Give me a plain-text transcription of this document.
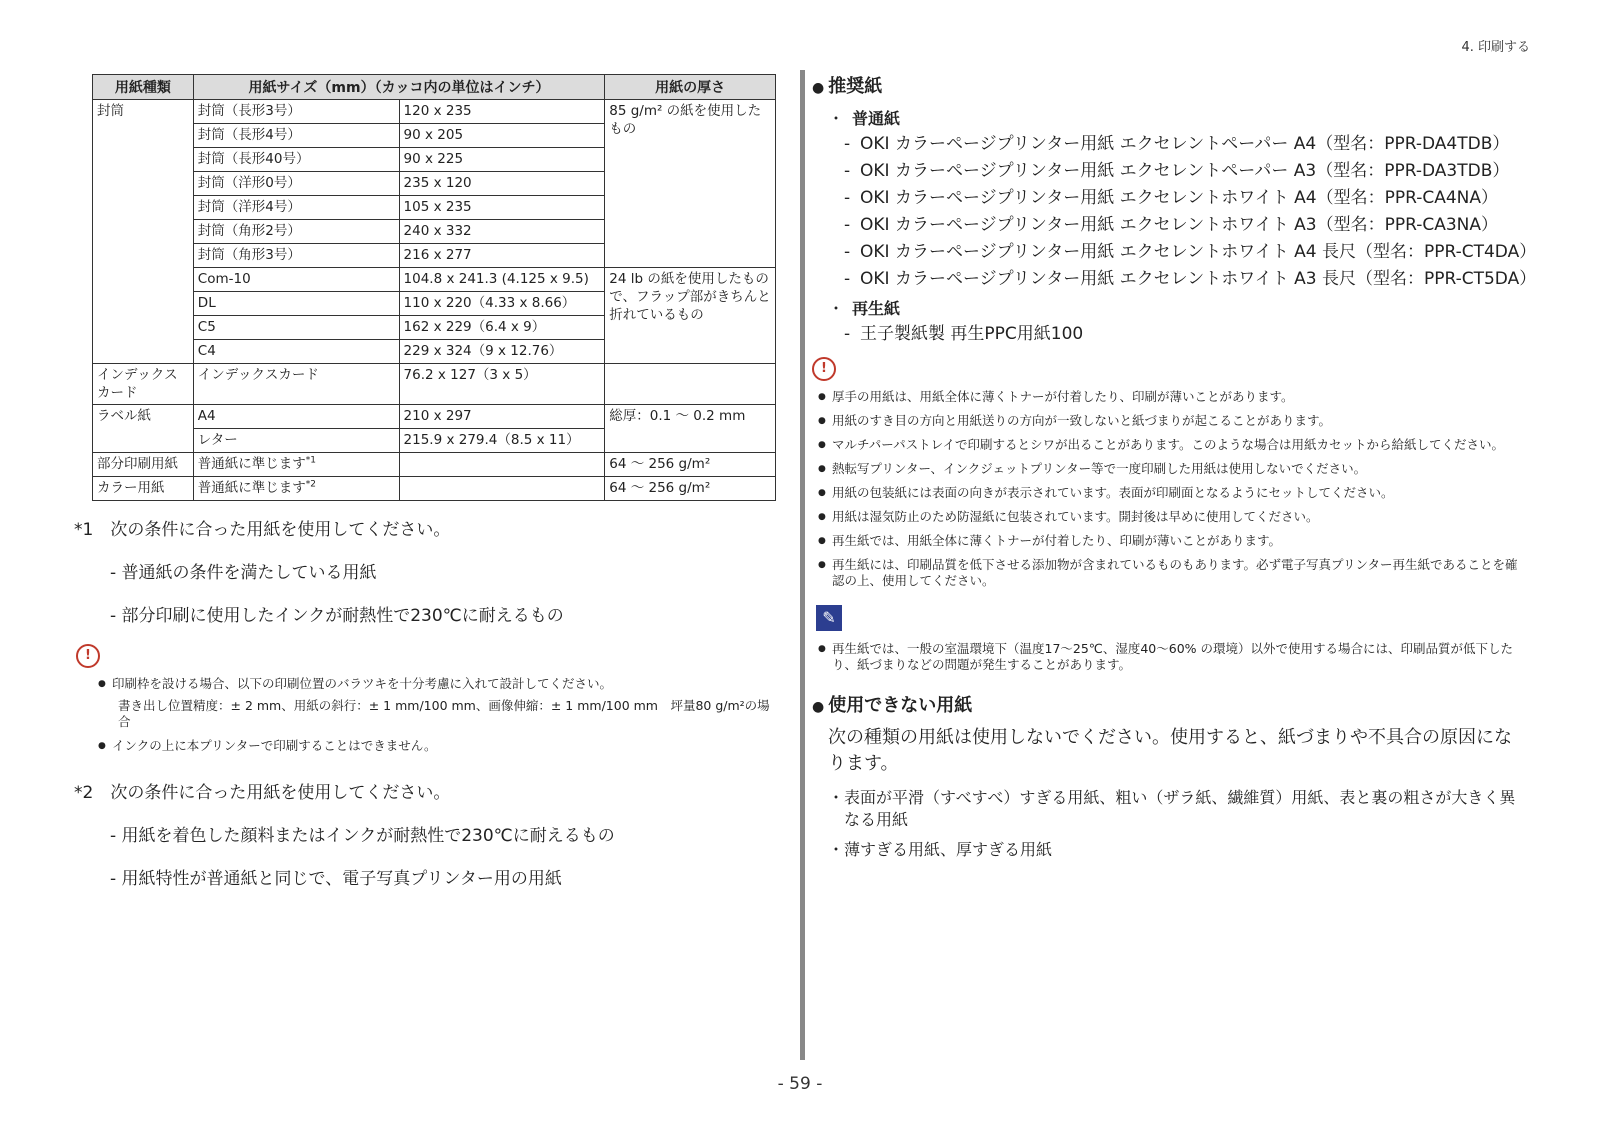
4. 印刷する
用紙種類	用紙サイズ（mm）（カッコ内の単位はインチ）		用紙の厚さ
封筒	封筒（長形3号）	120 x 235	85 g/m² の紙を使用したもの
	封筒（長形4号）	90 x 205	
	封筒（長形40号）	90 x 225	
	封筒（洋形0号）	235 x 120	
	封筒（洋形4号）	105 x 235	
	封筒（角形2号）	240 x 332	
	封筒（角形3号）	216 x 277	
	Com-10	104.8 x 241.3 (4.125 x 9.5)	24 lb の紙を使用したもので、フラップ部がきちんと折れているもの
	DL	110 x 220（4.33 x 8.66）	
	C5	162 x 229（6.4 x 9）	
	C4	229 x 324（9 x 12.76）	
インデックスカード	インデックスカード	76.2 x 127（3 x 5）	
ラベル紙	A4	210 x 297	総厚：0.1 ～ 0.2 mm
	レター	215.9 x 279.4（8.5 x 11）	
部分印刷用紙	普通紙に準じます$^{*1}$		64 ～ 256 g/m²
カラー用紙	普通紙に準じます$^{*2}$		64 ～ 256 g/m²
*1　 次の条件に合った用紙を使用してください。
- 普通紙の条件を満たしている用紙
- 部分印刷に使用したインクが耐熱性で230℃に耐えるもの
!
● 印刷枠を設ける場合、以下の印刷位置のバラツキを十分考慮に入れて設計してください。
書き出し位置精度：± 2 mm、用紙の斜行：± 1 mm/100 mm、画像伸縮：± 1 mm/100 mm　坪量80 g/m²の場合
● インクの上に本プリンターで印刷することはできません。
*2　 次の条件に合った用紙を使用してください。
- 用紙を着色した顔料またはインクが耐熱性で230℃に耐えるもの
- 用紙特性が普通紙と同じで、電子写真プリンター用の用紙
● 推奨紙
・ 普通紙
- OKI カラーページプリンター用紙 エクセレントペーパー A4（型名：PPR-DA4TDB）
- OKI カラーページプリンター用紙 エクセレントペーパー A3（型名：PPR-DA3TDB）
- OKI カラーページプリンター用紙 エクセレントホワイト A4（型名：PPR-CA4NA）
- OKI カラーページプリンター用紙 エクセレントホワイト A3（型名：PPR-CA3NA）
- OKI カラーページプリンター用紙 エクセレントホワイト A4 長尺（型名：PPR-CT4DA）
- OKI カラーページプリンター用紙 エクセレントホワイト A3 長尺（型名：PPR-CT5DA）
・ 再生紙
- 王子製紙製 再生PPC用紙100
!
● 厚手の用紙は、用紙全体に薄くトナーが付着したり、印刷が薄いことがあります。
● 用紙のすき目の方向と用紙送りの方向が一致しないと紙づまりが起こることがあります。
● マルチパーパストレイで印刷するとシワが出ることがあります。このような場合は用紙カセットから給紙してください。
● 熱転写プリンター、インクジェットプリンター等で一度印刷した用紙は使用しないでください。
● 用紙の包装紙には表面の向きが表示されています。表面が印刷面となるようにセットしてください。
● 用紙は湿気防止のため防湿紙に包装されています。開封後は早めに使用してください。
● 再生紙では、用紙全体に薄くトナーが付着したり、印刷が薄いことがあります。
● 再生紙には、印刷品質を低下させる添加物が含まれているものもあります。必ず電子写真プリンター再生紙であることを確認の上、使用してください。
✎
● 再生紙では、一般の室温環境下（温度17～25℃、湿度40～60% の環境）以外で使用する場合には、印刷品質が低下したり、紙づまりなどの問題が発生することがあります。
● 使用できない用紙
次の種類の用紙は使用しないでください。使用すると、紙づまりや不具合の原因になります。
・ 表面が平滑（すべすべ）すぎる用紙、粗い（ザラ紙、繊維質）用紙、表と裏の粗さが大きく異なる用紙
・ 薄すぎる用紙、厚すぎる用紙
- 59 -
